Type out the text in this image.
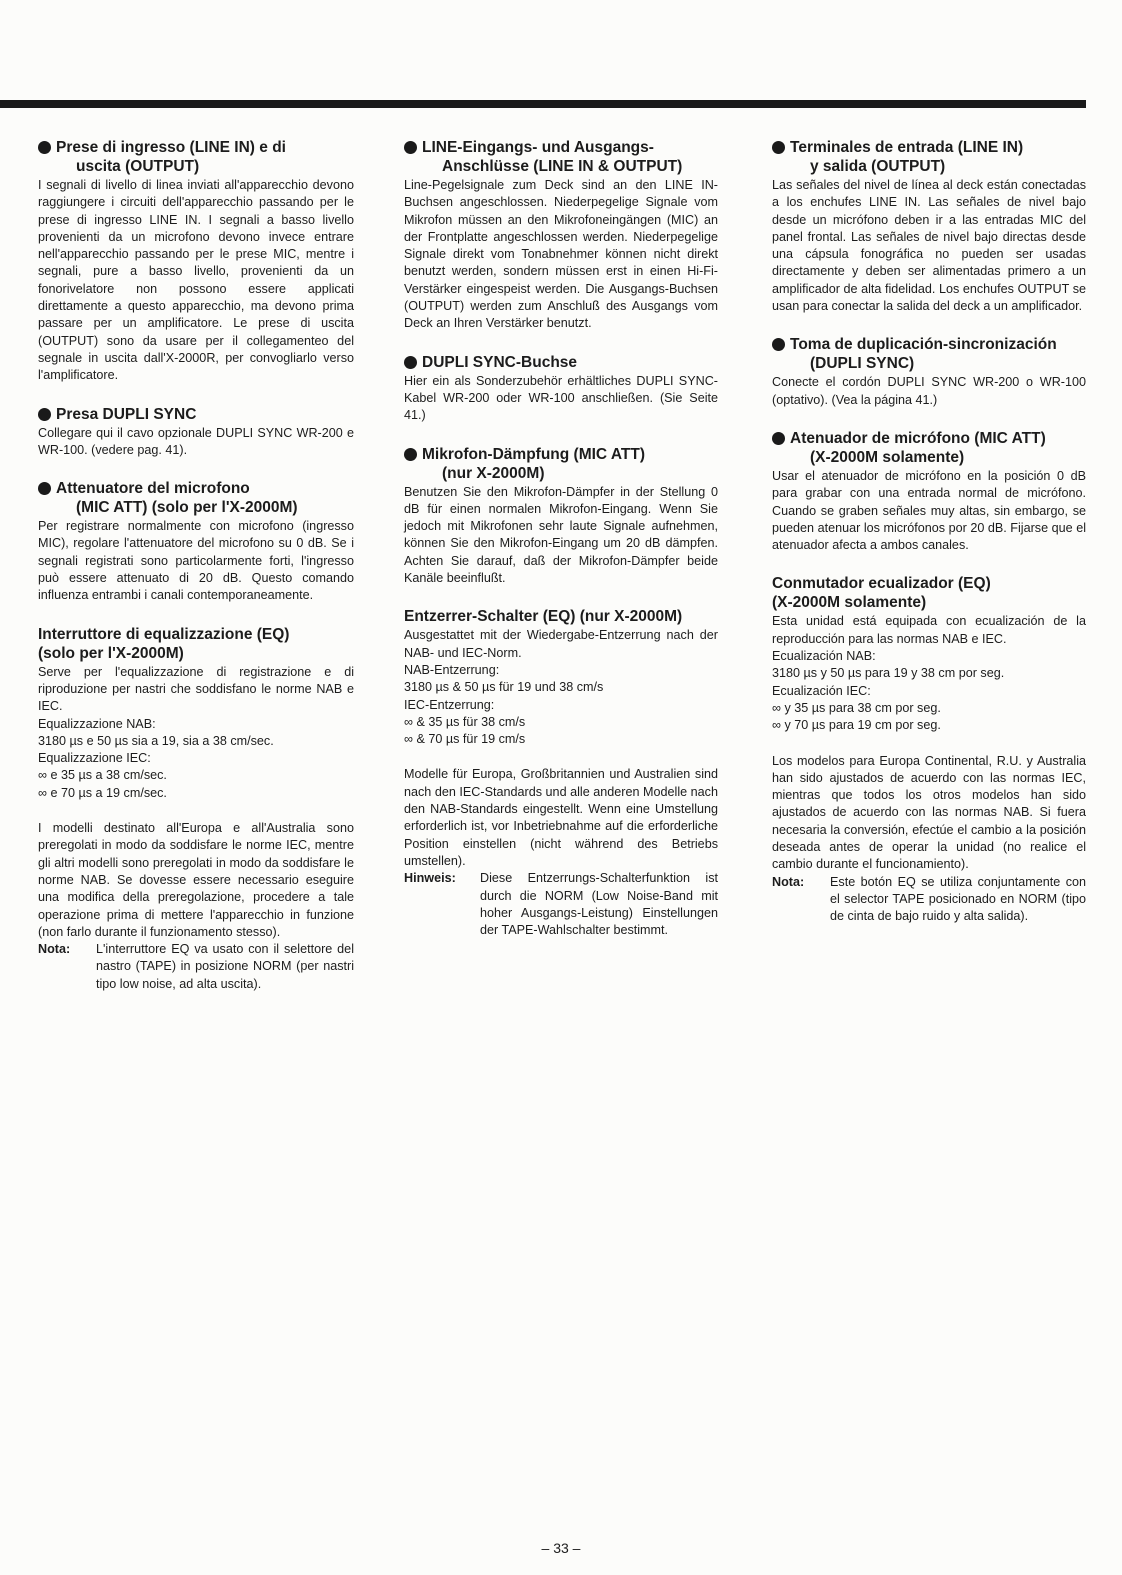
Prese di ingresso (LINE IN) e di
uscita (OUTPUT)

I segnali di livello di linea inviati all'apparecchio devono raggiungere i circuiti dell'apparecchio passando per le prese di ingresso LINE IN. I segnali a basso livello provenienti da un microfono devono invece entrare nell'apparecchio passando per le prese MIC, mentre i segnali, pure a basso livello, provenienti da un fonorivelatore non possono essere applicati direttamente a questo apparecchio, ma devono prima passare per un amplificatore. Le prese di uscita (OUTPUT) sono da usare per il collegamenteo del segnale in uscita dall'X-2000R, per convogliarlo verso l'amplificatore.

Presa DUPLI SYNC

Collegare qui il cavo opzionale DUPLI SYNC WR-200 e WR-100. (vedere pag. 41).

Attenuatore del microfono
(MIC ATT) (solo per l'X-2000M)

Per registrare normalmente con microfono (ingresso MIC), regolare l'attenuatore del microfono su 0 dB. Se i segnali registrati sono particolarmente forti, l'ingresso può essere attenuato di 20 dB. Questo comando influenza entrambi i canali contemporaneamente.

Interruttore di equalizzazione (EQ)
(solo per l'X-2000M)

Serve per l'equalizzazione di registrazione e di riproduzione per nastri che soddisfano le norme NAB e IEC.
Equalizzazione NAB:
3180 µs e 50 µs sia a 19, sia a 38 cm/sec.
Equalizzazione IEC:
∞ e 35 µs a 38 cm/sec.
∞ e 70 µs a 19 cm/sec.

I modelli destinato all'Europa e all'Australia sono preregolati in modo da soddisfare le norme IEC, mentre gli altri modelli sono preregolati in modo da soddisfare le norme NAB. Se dovesse essere necessario eseguire una modifica della preregolazione, procedere a tale operazione prima di mettere l'apparecchio in funzione (non farlo durante il funzionamento stesso).

Nota:	L'interruttore EQ va usato con il selettore del nastro (TAPE) in posizione NORM (per nastri tipo low noise, ad alta uscita).
LINE-Eingangs- und Ausgangs-
Anschlüsse (LINE IN & OUTPUT)

Line-Pegelsignale zum Deck sind an den LINE IN-Buchsen angeschlossen. Niederpegelige Signale vom Mikrofon müssen an den Mikrofoneingängen (MIC) an der Frontplatte angeschlossen werden. Niederpegelige Signale direkt vom Tonabnehmer können nicht direkt benutzt werden, sondern müssen erst in einen Hi-Fi-Verstärker eingespeist werden. Die Ausgangs-Buchsen (OUTPUT) werden zum Anschluß des Ausgangs vom Deck an Ihren Verstärker benutzt.

DUPLI SYNC-Buchse

Hier ein als Sonderzubehör erhältliches DUPLI SYNC-Kabel WR-200 oder WR-100 anschließen. (Sie Seite 41.)

Mikrofon-Dämpfung (MIC ATT)
(nur X-2000M)

Benutzen Sie den Mikrofon-Dämpfer in der Stellung 0 dB für einen normalen Mikrofon-Eingang. Wenn Sie jedoch mit Mikrofonen sehr laute Signale aufnehmen, können Sie den Mikrofon-Eingang um 20 dB dämpfen. Achten Sie darauf, daß der Mikrofon-Dämpfer beide Kanäle beeinflußt.

Entzerrer-Schalter (EQ) (nur X-2000M)

Ausgestattet mit der Wiedergabe-Entzerrung nach der NAB- und IEC-Norm.
NAB-Entzerrung:
3180 µs & 50 µs für 19 und 38 cm/s
IEC-Entzerrung:
∞ & 35 µs für 38 cm/s
∞ & 70 µs für 19 cm/s

Modelle für Europa, Großbritannien und Australien sind nach den IEC-Standards und alle anderen Modelle nach den NAB-Standards eingestellt. Wenn eine Umstellung erforderlich ist, vor Inbetriebnahme auf die erforderliche Position einstellen (nicht während des Betriebs umstellen).

Hinweis:	Diese Entzerrungs-Schalterfunktion ist durch die NORM (Low Noise-Band mit hoher Ausgangs-Leistung) Einstellungen der TAPE-Wahlschalter bestimmt.
Terminales de entrada (LINE IN)
y salida (OUTPUT)

Las señales del nivel de línea al deck están conectadas a los enchufes LINE IN. Las señales de nivel bajo desde un micrófono deben ir a las entradas MIC del panel frontal. Las señales de nivel bajo directas desde una cápsula fonográfica no pueden ser usadas directamente y deben ser alimentadas primero a un amplificador de alta fidelidad. Los enchufes OUTPUT se usan para conectar la salida del deck a un amplificador.

Toma de duplicación-sincronización
(DUPLI SYNC)

Conecte el cordón DUPLI SYNC WR-200 o WR-100 (optativo). (Vea la página 41.)

Atenuador de micrófono (MIC ATT)
(X-2000M solamente)

Usar el atenuador de micrófono en la posición 0 dB para grabar con una entrada normal de micrófono. Cuando se graben señales muy altas, sin embargo, se pueden atenuar los micrófonos por 20 dB. Fijarse que el atenuador afecta a ambos canales.

Conmutador ecualizador (EQ)
(X-2000M solamente)

Esta unidad está equipada con ecualización de la reproducción para las normas NAB e IEC.
Ecualización NAB:
3180 µs y 50 µs para 19 y 38 cm por seg.
Ecualización IEC:
∞ y 35 µs para 38 cm por seg.
∞ y 70 µs para 19 cm por seg.

Los modelos para Europa Continental, R.U. y Australia han sido ajustados de acuerdo con las normas IEC, mientras que todos los otros modelos han sido ajustados de acuerdo con las normas NAB. Si fuera necesaria la conversión, efectúe el cambio a la posición deseada antes de operar la unidad (no realice el cambio durante el funcionamiento).

Nota:	Este botón EQ se utiliza conjuntamente con el selector TAPE posicionado en NORM (tipo de cinta de bajo ruido y alta salida).
– 33 –
